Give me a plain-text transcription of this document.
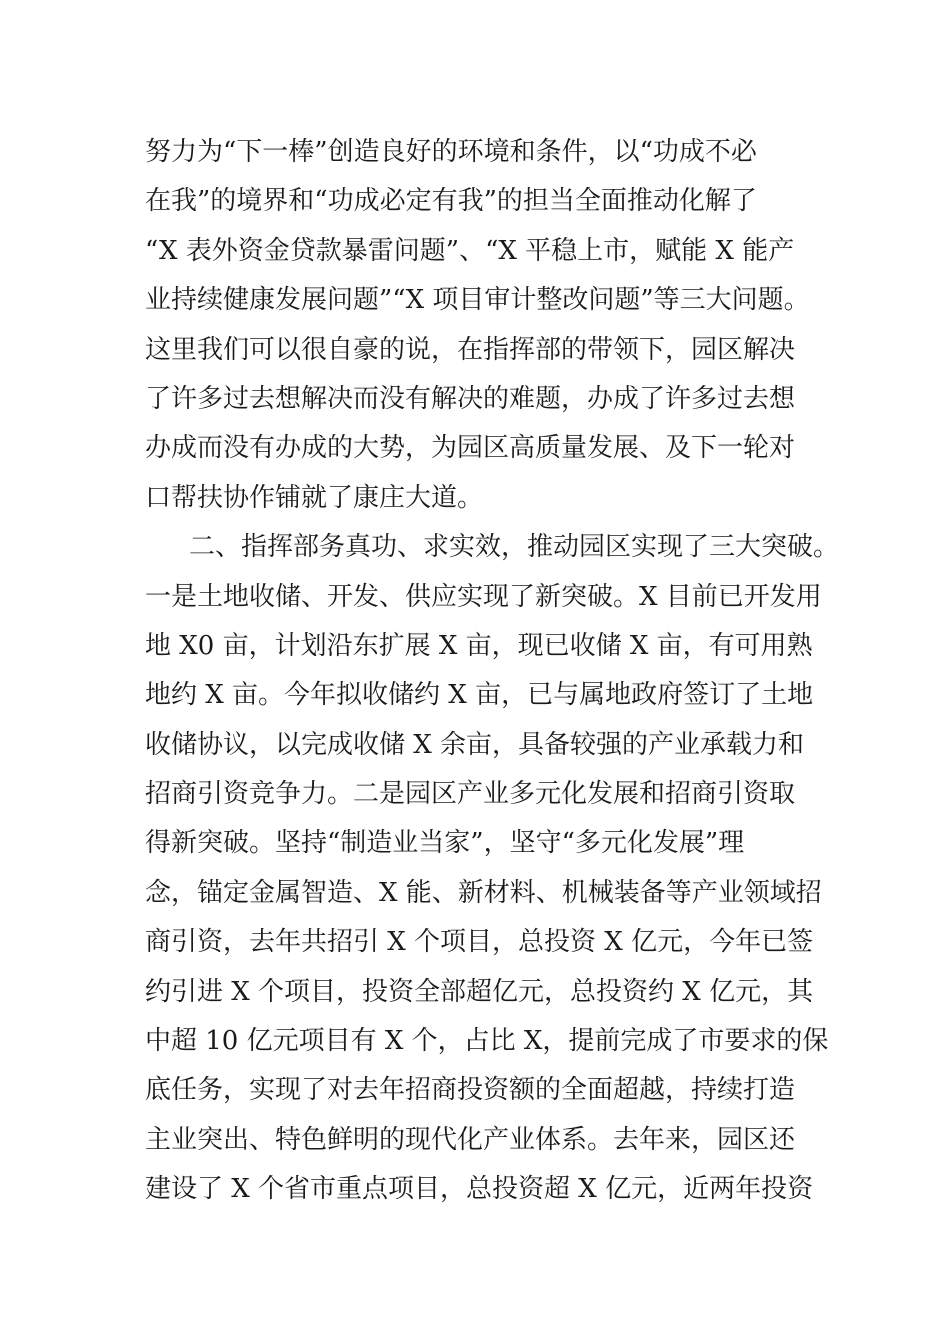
努力为“下一棒”创造良好的环境和条件，以“功成不必
在我”的境界和“功成必定有我”的担当全面推动化解了
“X 表外资金贷款暴雷问题”、“X 平稳上市，赋能 X 能产
业持续健康发展问题”“X 项目审计整改问题”等三大问题。
这里我们可以很自豪的说，在指挥部的带领下，园区解决
了许多过去想解决而没有解决的难题，办成了许多过去想
办成而没有办成的大势，为园区高质量发展、及下一轮对
口帮扶协作铺就了康庄大道。
二、指挥部务真功、求实效，推动园区实现了三大突破。
一是土地收储、开发、供应实现了新突破。X 目前已开发用
地 X0 亩，计划沿东扩展 X 亩，现已收储 X 亩，有可用熟
地约 X 亩。今年拟收储约 X 亩，已与属地政府签订了土地
收储协议，以完成收储 X 余亩，具备较强的产业承载力和
招商引资竞争力。二是园区产业多元化发展和招商引资取
得新突破。坚持“制造业当家”，坚守“多元化发展”理
念，锚定金属智造、X 能、新材料、机械装备等产业领域招
商引资，去年共招引 X 个项目，总投资 X 亿元，今年已签
约引进 X 个项目，投资全部超亿元，总投资约 X 亿元，其
中超 10 亿元项目有 X 个，占比 X，提前完成了市要求的保
底任务，实现了对去年招商投资额的全面超越，持续打造
主业突出、特色鲜明的现代化产业体系。去年来，园区还
建设了 X 个省市重点项目，总投资超 X 亿元，近两年投资
